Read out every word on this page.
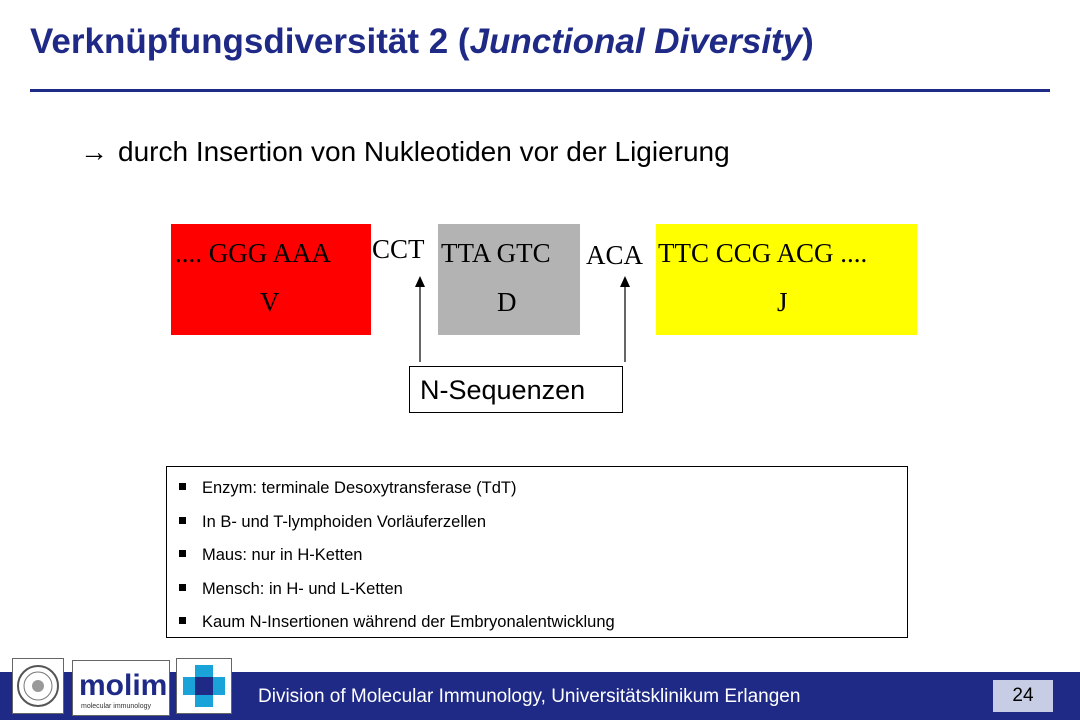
Verknüpfungsdiversität 2 (Junctional Diversity)
→ durch Insertion von Nukleotiden vor der Ligierung
.... GGG AAA
V
CCT TTA GTC
D
ACA TTC CCG ACG ....
J
N-Sequenzen
Enzym: terminale Desoxytransferase (TdT)
In B- und T-lymphoiden Vorläuferzellen
Maus: nur in H-Ketten
Mensch: in H- und L-Ketten
Kaum N-Insertionen während der Embryonalentwicklung
Division of Molecular Immunology, Universitätsklinikum Erlangen	24
molim
molecular immunology
